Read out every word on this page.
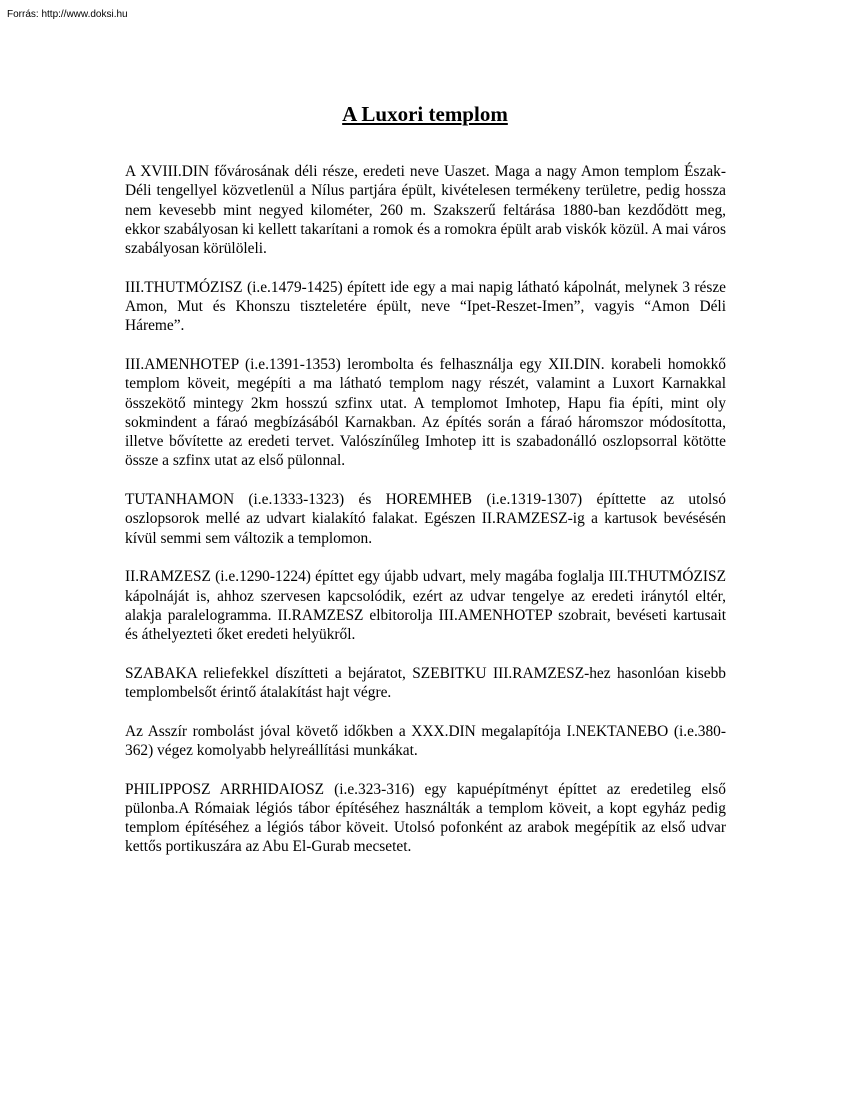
Forrás: http://www.doksi.hu
A Luxori templom

A XVIII.DIN fővárosának déli része, eredeti neve Uaszet. Maga a nagy Amon templom Észak-Déli tengellyel közvetlenül a Nílus partjára épült, kivételesen termékeny területre, pedig hossza nem kevesebb mint negyed kilométer, 260 m. Szakszerű feltárása 1880-ban kezdődött meg, ekkor szabályosan ki kellett takarítani a romok és a romokra épült arab viskók közül. A mai város szabályosan körülöleli.

III.THUTMÓZISZ (i.e.1479-1425) épített ide egy a mai napig látható kápolnát, melynek 3 része Amon, Mut és Khonszu tiszteletére épült, neve “Ipet-Reszet-Imen”, vagyis “Amon Déli Háreme”.

III.AMENHOTEP (i.e.1391-1353) lerombolta és felhasználja egy XII.DIN. korabeli homokkő templom köveit, megépíti a ma látható templom nagy részét, valamint a Luxort Karnakkal összekötő mintegy 2km hosszú szfinx utat. A templomot Imhotep, Hapu fia építi, mint oly sokmindent a fáraó megbízásából Karnakban. Az építés során a fáraó háromszor módosította, illetve bővítette az eredeti tervet. Valószínűleg Imhotep itt is szabadonálló oszlopsorral kötötte össze a szfinx utat az első pülonnal.

TUTANHAMON (i.e.1333-1323) és HOREMHEB (i.e.1319-1307) építtette az utolsó oszlopsorok mellé az udvart kialakító falakat. Egészen II.RAMZESZ-ig a kartusok bevésésén kívül semmi sem változik a templomon.

II.RAMZESZ (i.e.1290-1224) építtet egy újabb udvart, mely magába foglalja III.THUTMÓZISZ kápolnáját is, ahhoz szervesen kapcsolódik, ezért az udvar tengelye az eredeti iránytól eltér, alakja paralelogramma. II.RAMZESZ elbitorolja III.AMENHOTEP szobrait, bevéseti kartusait és áthelyezteti őket eredeti helyükről.

SZABAKA reliefekkel díszítteti a bejáratot, SZEBITKU III.RAMZESZ-hez hasonlóan kisebb templombelsőt érintő átalakítást hajt végre.

Az Asszír rombolást jóval követő időkben a XXX.DIN megalapítója I.NEKTANEBO (i.e.380-362) végez komolyabb helyreállítási munkákat.

PHILIPPOSZ ARRHIDAIOSZ (i.e.323-316) egy kapuépítményt építtet az eredetileg első pülonba.A Rómaiak légiós tábor építéséhez használták a templom köveit, a kopt egyház pedig templom építéséhez a légiós tábor köveit. Utolsó pofonként az arabok megépítik az első udvar kettős portikuszára az Abu El-Gurab mecsetet.
